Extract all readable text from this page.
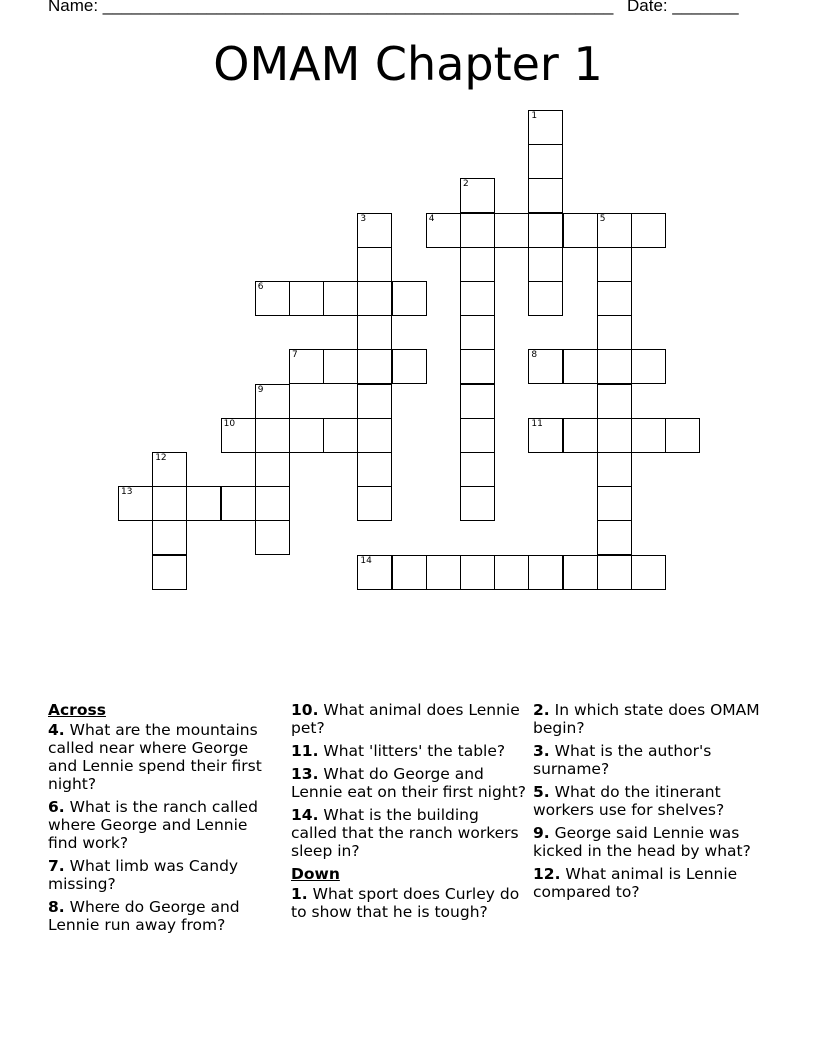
Name: ______________________________________________________ Date: _______
OMAM Chapter 1
1
2
3	4	5
6
7	8
9
10	11
12
13
14
Across
4. What are the mountains called near where George and Lennie spend their first night?
6. What is the ranch called where George and Lennie find work?
7. What limb was Candy missing?
8. Where do George and Lennie run away from?
10. What animal does Lennie pet?
11. What 'litters' the table?
13. What do George and Lennie eat on their first night?
14. What is the building called that the ranch workers sleep in?
Down
1. What sport does Curley do to show that he is tough?
2. In which state does OMAM begin?
3. What is the author's surname?
5. What do the itinerant workers use for shelves?
9. George said Lennie was kicked in the head by what?
12. What animal is Lennie compared to?
